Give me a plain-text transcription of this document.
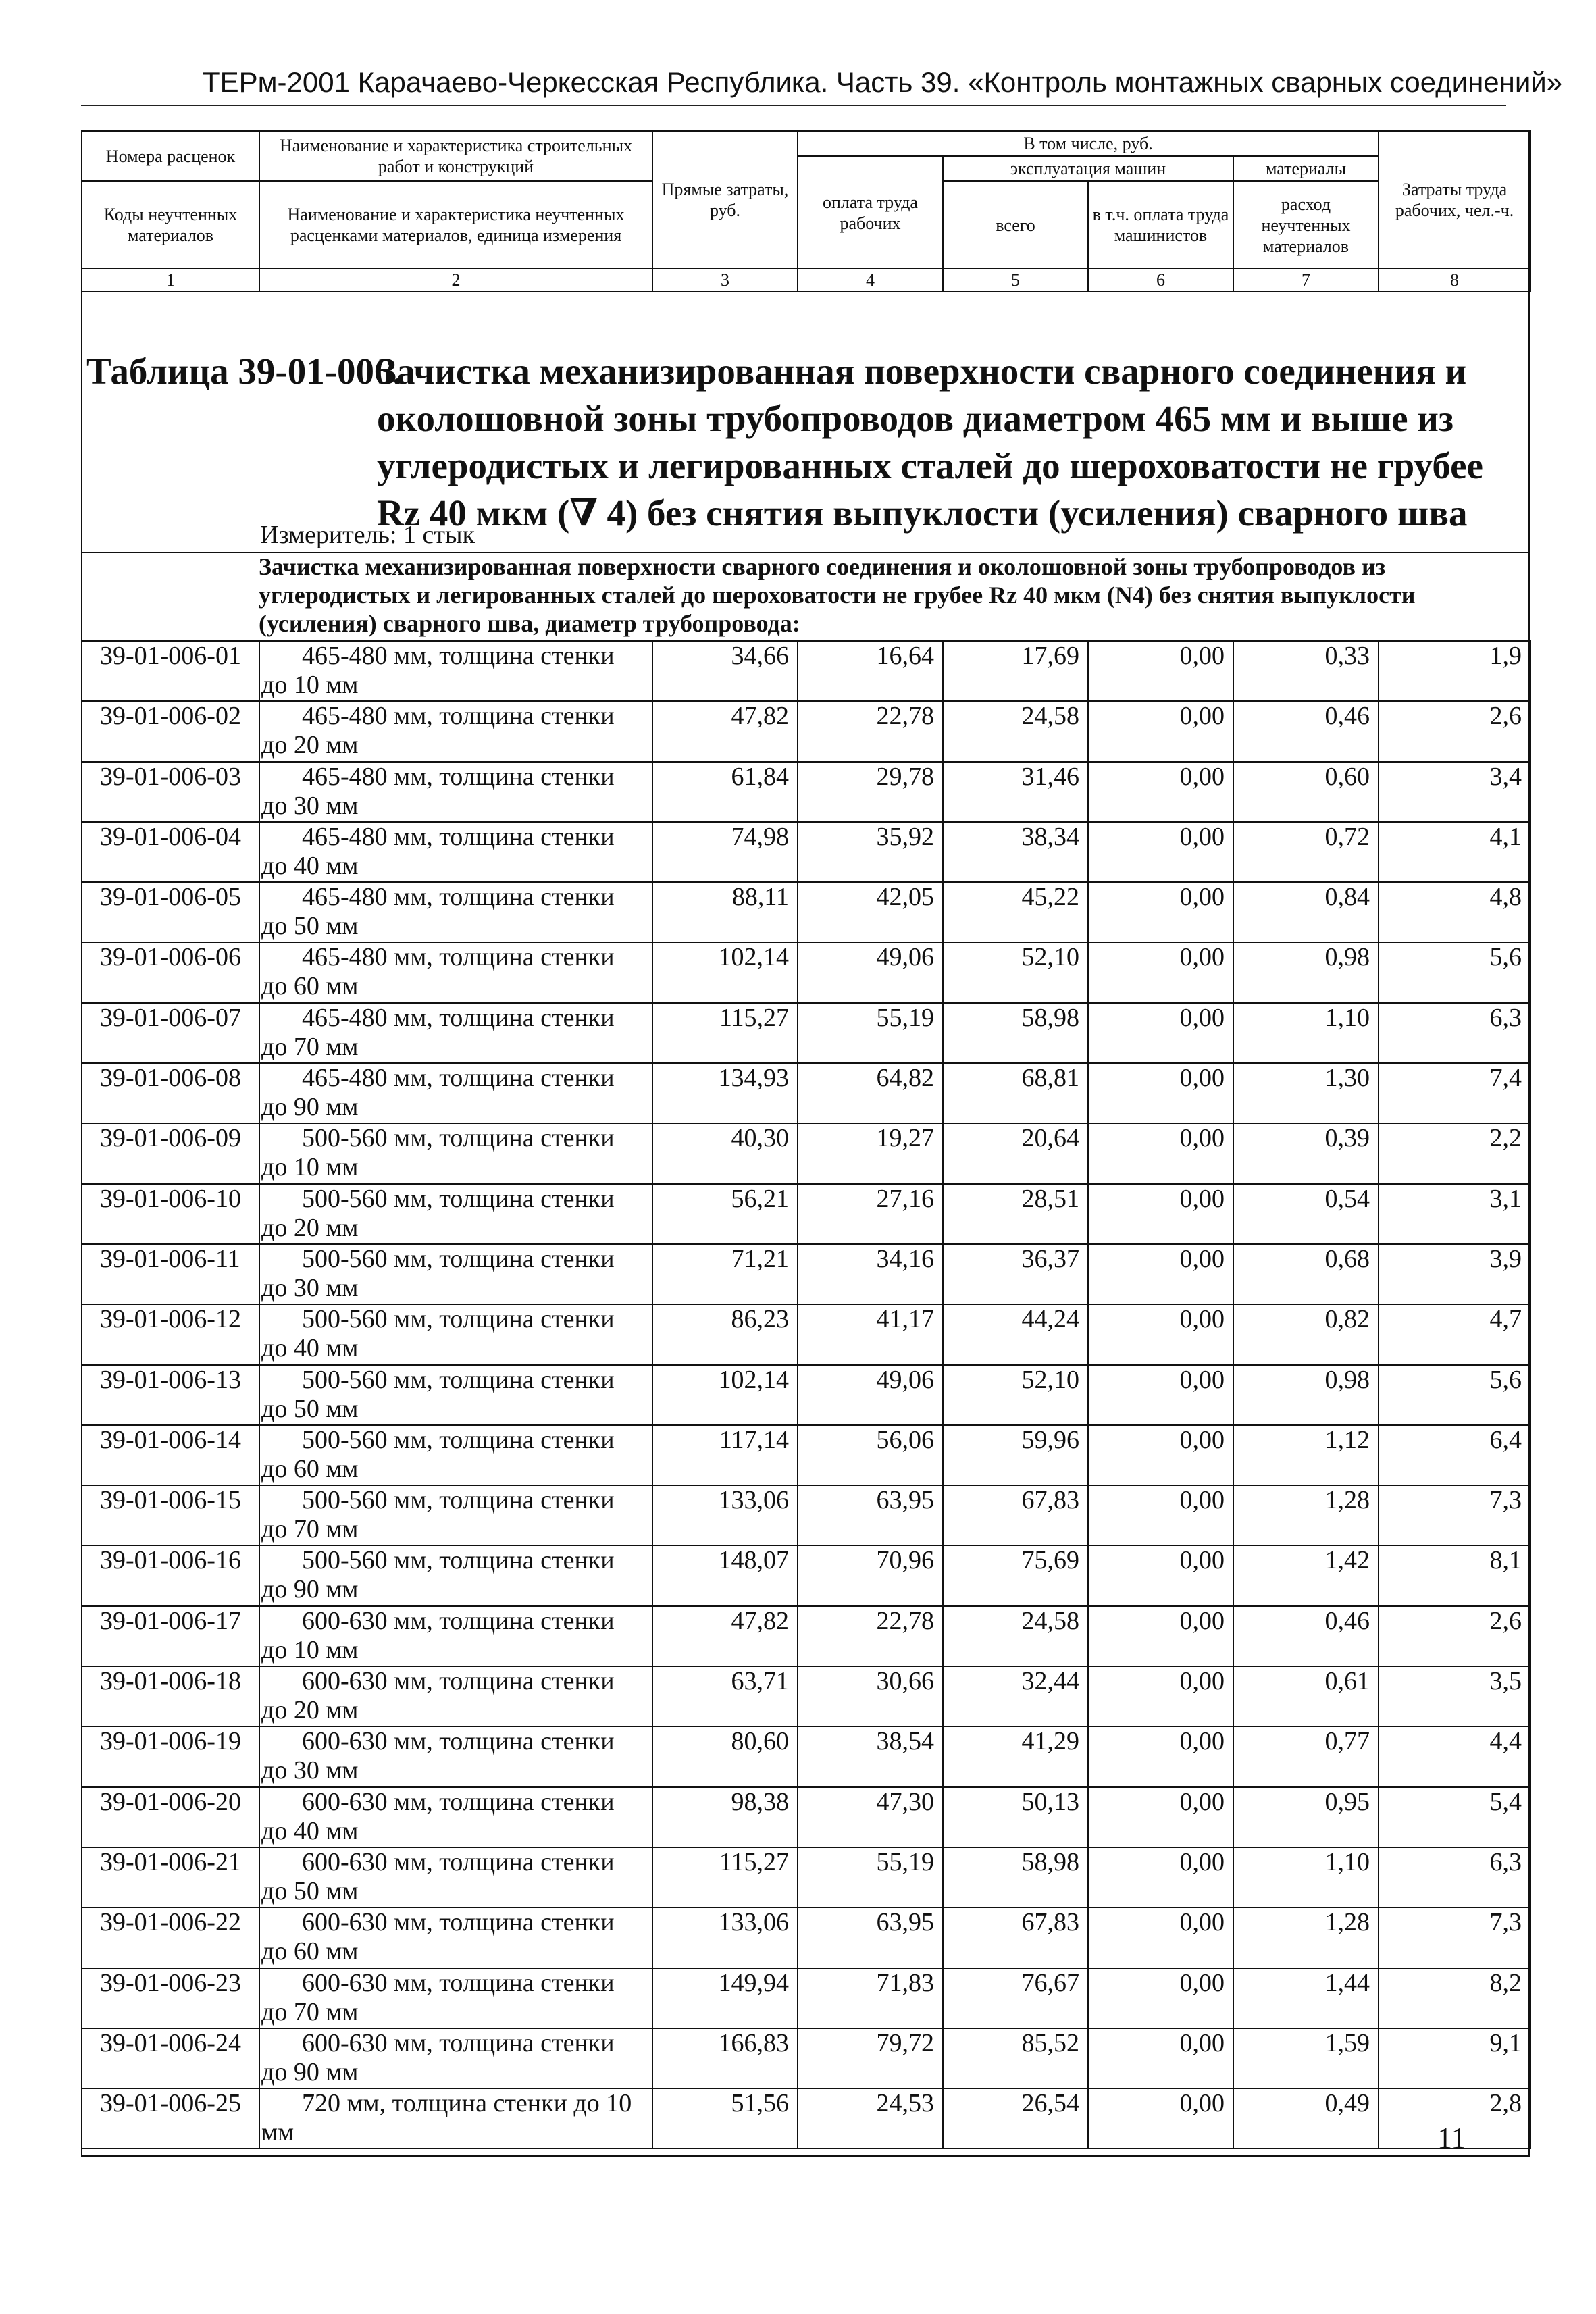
ТЕРм-2001 Карачаево-Черкесская Республика. Часть 39. «Контроль монтажных сварных соединений»
Номера расценок	Наименование и характеристика строительных работ и конструкций	Прямые затраты, руб.	В том числе, руб.				Затраты труда рабочих, чел.-ч.
			оплата труда рабочих	эксплуатация машин		материалы	
Коды неучтенных материалов	Наименование и характеристика неучтенных расценками материалов, единица измерения			всего	в т.ч. оплата труда машинистов	расход неучтенных материалов	
1	2	3	4	5	6	7	8
Таблица 39-01-006.
Зачистка механизированная поверхности сварного соединения и околошовной зоны трубопроводов диаметром 465 мм и выше из углеродистых и легированных сталей до шероховатости не грубее Rz 40 мкм (∇ 4) без снятия выпуклости (усиления) сварного шва
Измеритель: 1 стык
Зачистка механизированная поверхности сварного соединения и околошовной зоны трубопроводов из углеродистых и легированных сталей до шероховатости не грубее Rz 40 мкм (N4) без снятия выпуклости (усиления) сварного шва, диаметр трубопровода:
39-01-006-01	465-480 мм, толщина стенки
до 10 мм	34,66	16,64	17,69	0,00	0,33	1,9
39-01-006-02	465-480 мм, толщина стенки
до 20 мм	47,82	22,78	24,58	0,00	0,46	2,6
39-01-006-03	465-480 мм, толщина стенки
до 30 мм	61,84	29,78	31,46	0,00	0,60	3,4
39-01-006-04	465-480 мм, толщина стенки
до 40 мм	74,98	35,92	38,34	0,00	0,72	4,1
39-01-006-05	465-480 мм, толщина стенки
до 50 мм	88,11	42,05	45,22	0,00	0,84	4,8
39-01-006-06	465-480 мм, толщина стенки
до 60 мм	102,14	49,06	52,10	0,00	0,98	5,6
39-01-006-07	465-480 мм, толщина стенки
до 70 мм	115,27	55,19	58,98	0,00	1,10	6,3
39-01-006-08	465-480 мм, толщина стенки
до 90 мм	134,93	64,82	68,81	0,00	1,30	7,4
39-01-006-09	500-560 мм, толщина стенки
до 10 мм	40,30	19,27	20,64	0,00	0,39	2,2
39-01-006-10	500-560 мм, толщина стенки
до 20 мм	56,21	27,16	28,51	0,00	0,54	3,1
39-01-006-11	500-560 мм, толщина стенки
до 30 мм	71,21	34,16	36,37	0,00	0,68	3,9
39-01-006-12	500-560 мм, толщина стенки
до 40 мм	86,23	41,17	44,24	0,00	0,82	4,7
39-01-006-13	500-560 мм, толщина стенки
до 50 мм	102,14	49,06	52,10	0,00	0,98	5,6
39-01-006-14	500-560 мм, толщина стенки
до 60 мм	117,14	56,06	59,96	0,00	1,12	6,4
39-01-006-15	500-560 мм, толщина стенки
до 70 мм	133,06	63,95	67,83	0,00	1,28	7,3
39-01-006-16	500-560 мм, толщина стенки
до 90 мм	148,07	70,96	75,69	0,00	1,42	8,1
39-01-006-17	600-630 мм, толщина стенки
до 10 мм	47,82	22,78	24,58	0,00	0,46	2,6
39-01-006-18	600-630 мм, толщина стенки
до 20 мм	63,71	30,66	32,44	0,00	0,61	3,5
39-01-006-19	600-630 мм, толщина стенки
до 30 мм	80,60	38,54	41,29	0,00	0,77	4,4
39-01-006-20	600-630 мм, толщина стенки
до 40 мм	98,38	47,30	50,13	0,00	0,95	5,4
39-01-006-21	600-630 мм, толщина стенки
до 50 мм	115,27	55,19	58,98	0,00	1,10	6,3
39-01-006-22	600-630 мм, толщина стенки
до 60 мм	133,06	63,95	67,83	0,00	1,28	7,3
39-01-006-23	600-630 мм, толщина стенки
до 70 мм	149,94	71,83	76,67	0,00	1,44	8,2
39-01-006-24	600-630 мм, толщина стенки
до 90 мм	166,83	79,72	85,52	0,00	1,59	9,1
39-01-006-25	720 мм, толщина стенки до 10
мм	51,56	24,53	26,54	0,00	0,49	2,8
11
